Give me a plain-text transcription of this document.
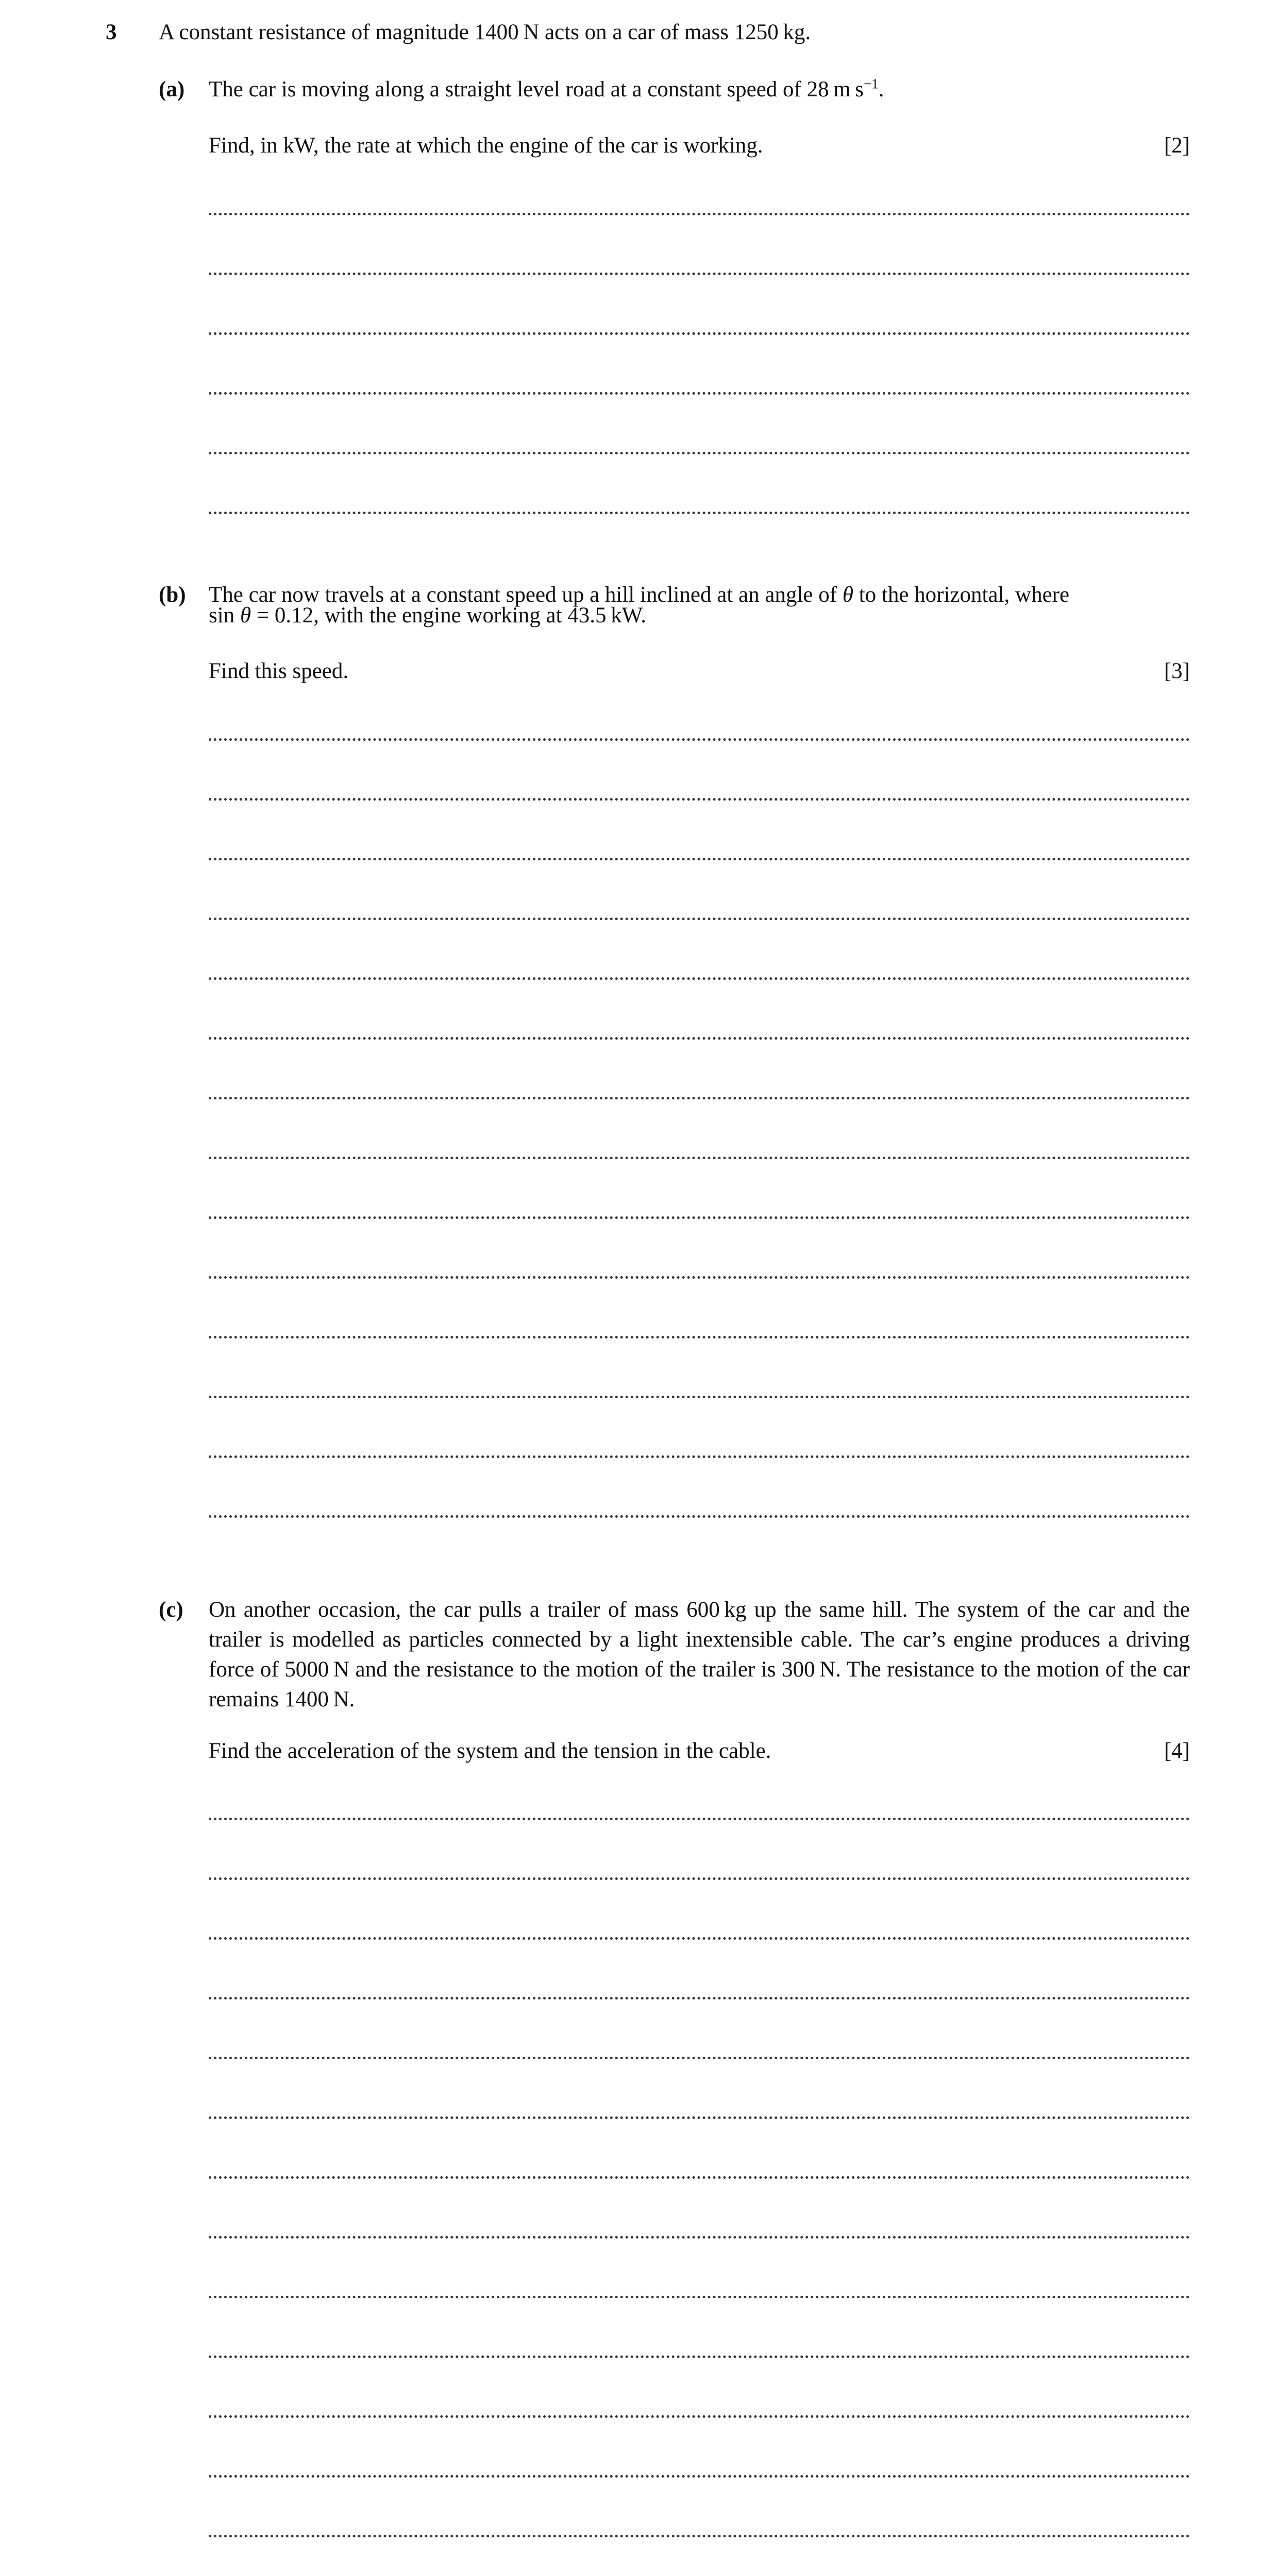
3 A constant resistance of magnitude 1400 N acts on a car of mass 1250 kg.
(a) The car is moving along a straight level road at a constant speed of 28 m $s^{-1}$.
Find, in kW, the rate at which the engine of the car is working.	[2]
(b) The car now travels at a constant speed up a hill inclined at an angle of θ to the horizontal, where
sin θ = 0.12, with the engine working at 43.5 kW.
Find this speed.	[3]
(c) On another occasion, the car pulls a trailer of mass 600 kg up the same hill. The system of the car and the trailer is modelled as particles connected by a light inextensible cable. The car’s engine produces a driving force of 5000 N and the resistance to the motion of the trailer is 300 N. The resistance to the motion of the car remains 1400 N.
Find the acceleration of the system and the tension in the cable.	[4]
